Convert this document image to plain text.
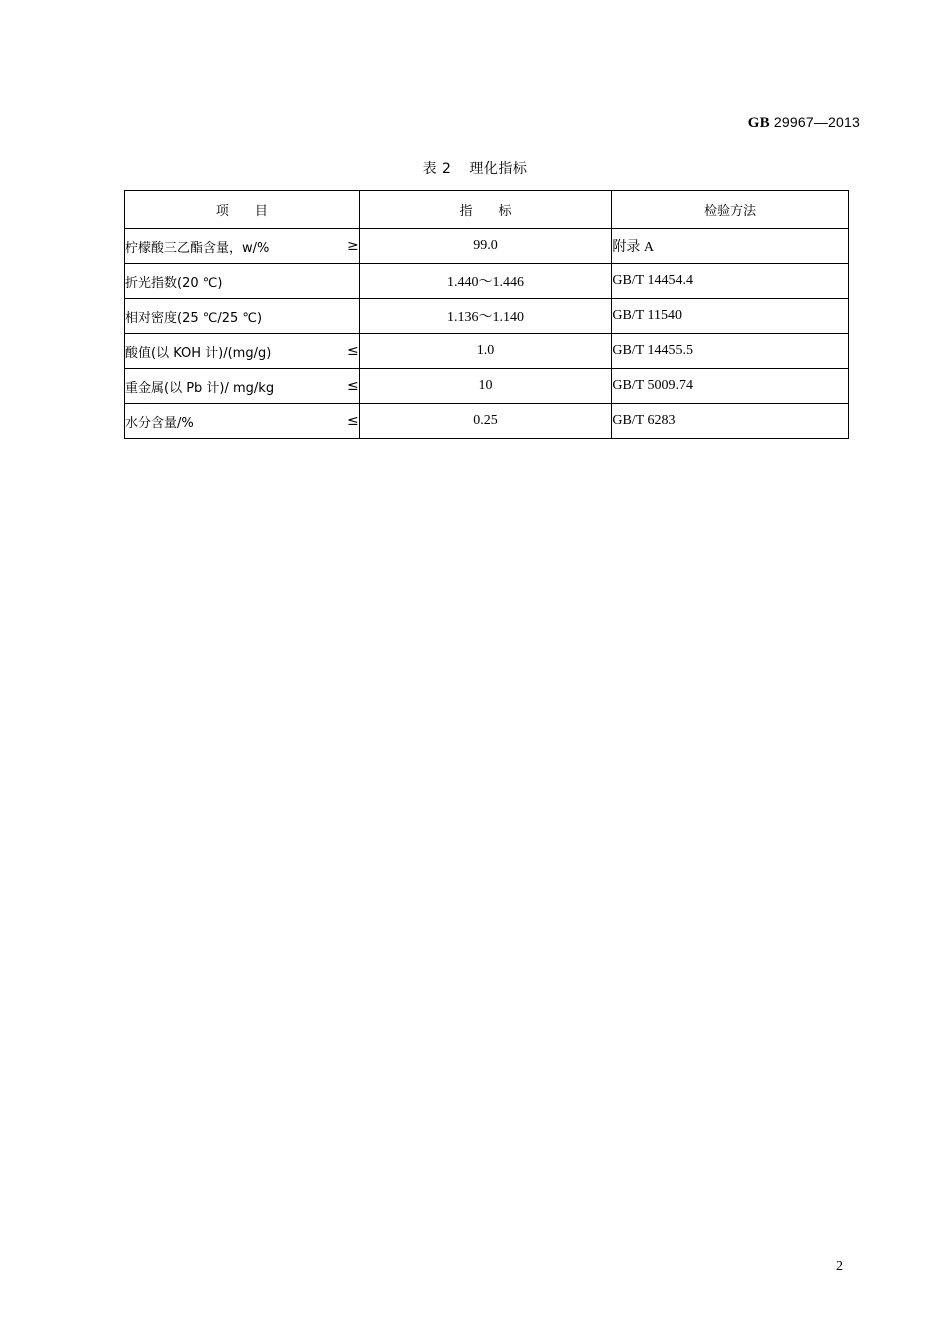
GB 29967—2013
表 2 理化指标
项　　目	指　　标	检验方法

柠檬酸三乙酯含量，w/% ≥	99.0	附录 A

折光指数(20 ℃)	1.440～1.446	GB/T 14454.4

相对密度(25 ℃/25 ℃)	1.136～1.140	GB/T 11540

酸值(以 KOH 计)/(mg/g) ≤	1.0	GB/T 14455.5

重金属(以 Pb 计)/ mg/kg ≤	10	GB/T 5009.74

水分含量/% ≤	0.25	GB/T 6283
2
